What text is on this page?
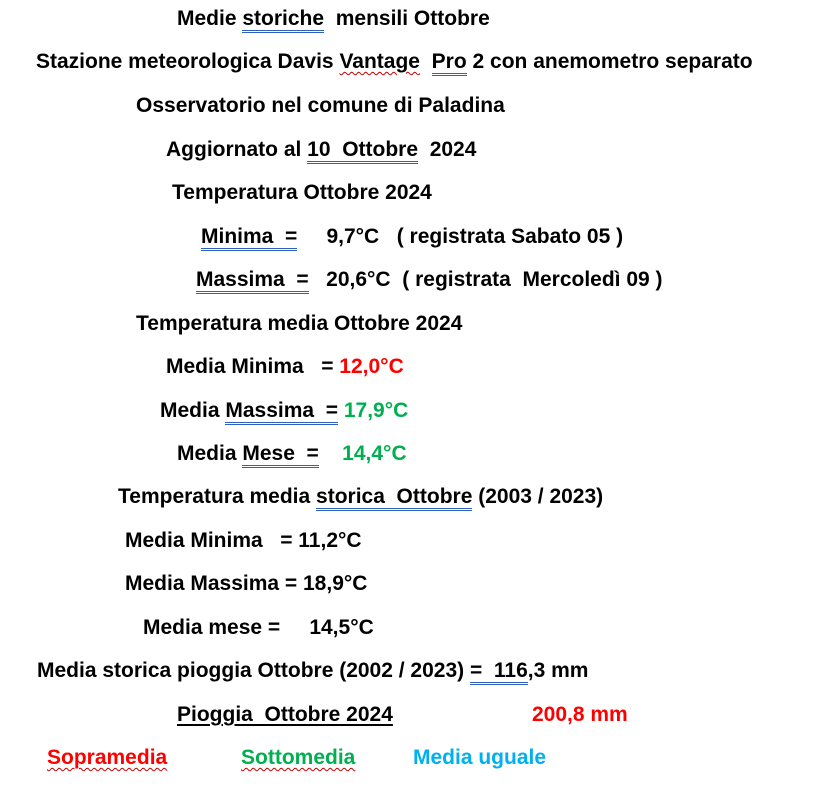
Medie storiche  mensili Ottobre
Stazione meteorologica Davis Vantage Pro 2 con anemometro separato
Osservatorio nel comune di Paladina
Aggiornato al 10  Ottobre  2024
Temperatura Ottobre 2024
Minima  =     9,7°C   ( registrata Sabato 05 )
Massima  =   20,6°C  ( registrata  Mercoledì 09 )
Temperatura media Ottobre 2024
Media Minima   = 12,0°C
Media Massima  = 17,9°C
Media Mese  = 14,4°C
Temperatura media storica  Ottobre (2003 / 2023)
Media Minima   = 11,2°C
Media Massima = 18,9°C
Media mese =     14,5°C
Media storica pioggia Ottobre (2002 / 2023) =  116,3 mm
Pioggia  Ottobre 2024	200,8 mm
Sopramedia	Sottomedia	Media uguale
